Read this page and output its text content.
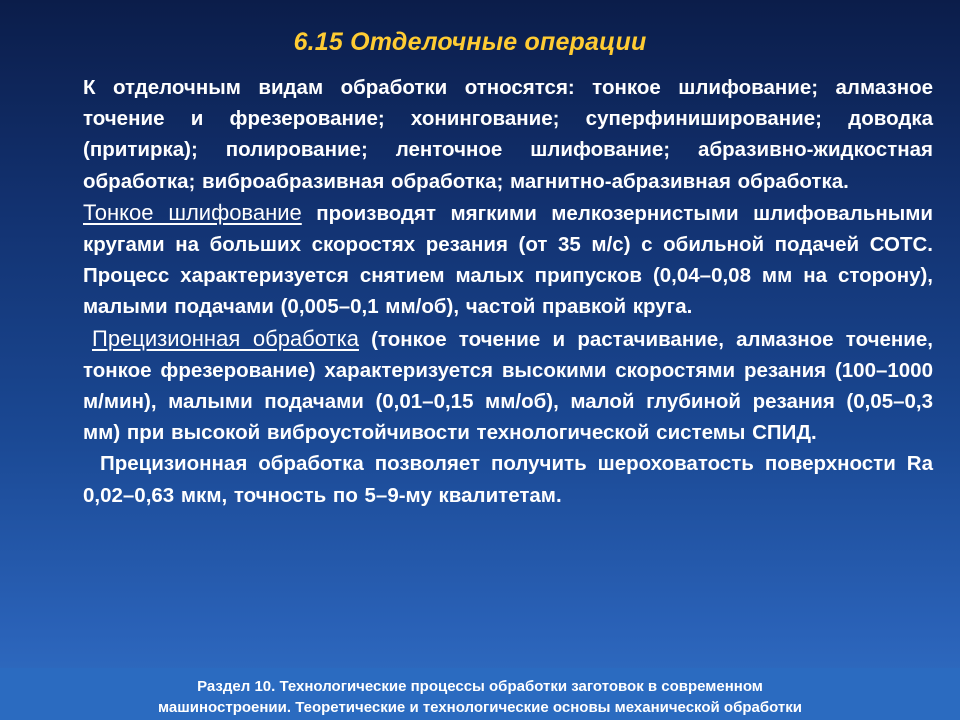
6.15 Отделочные операции

К отделочным видам обработки относятся: тонкое шлифование; алмазное точение и фрезерование; хонингование; суперфиниширование; доводка (притирка); полирование; ленточное шлифование; абразивно-жидкостная обработка; виброабразивная обработка; магнитно-абразивная обработка.

Тонкое шлифование производят мягкими мелкозернистыми шлифовальными кругами на больших скоростях резания (от 35 м/с) с обильной подачей СОТС. Процесс характеризуется снятием малых припусков (0,04–0,08 мм на сторону), малыми подачами (0,005–0,1 мм/об), частой правкой круга.

Прецизионная обработка (тонкое точение и растачивание, алмазное точение, тонкое фрезерование) характеризуется высокими скоростями резания (100–1000 м/мин), малыми подачами (0,01–0,15 мм/об), малой глубиной резания (0,05–0,3 мм) при высокой виброустойчивости технологической системы СПИД.

Прецизионная обработка позволяет получить шероховатость поверхности Ra 0,02–0,63 мкм, точность по 5–9-му квалитетам.

Раздел 10. Технологические процессы обработки заготовок в современном
машиностроении. Теоретические и технологические основы механической обработки
